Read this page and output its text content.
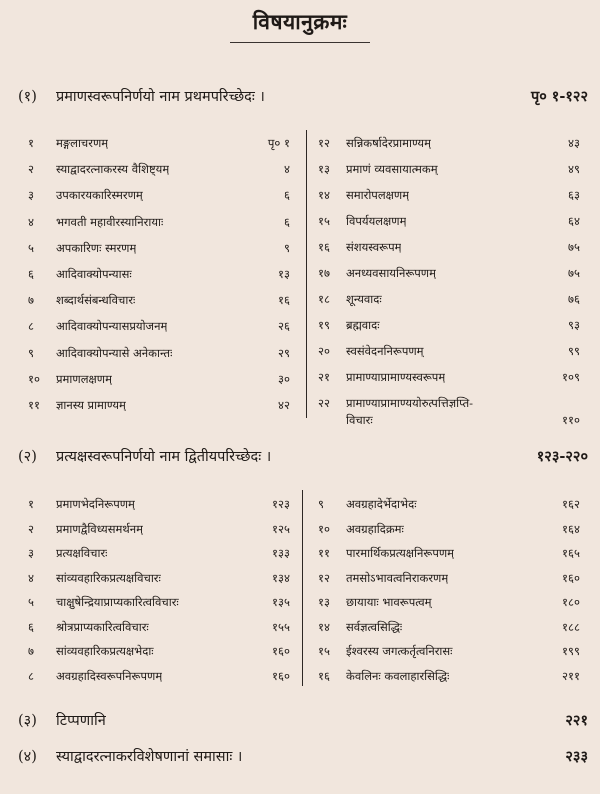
विषयानुक्रमः
(१) प्रमाणस्वरूपनिर्णयो नाम प्रथमपरिच्छेदः ।	पृ० १-१२२
१ मङ्गलाचरणम्	पृ० १
२ स्याद्वादरत्नाकरस्य वैशिष्ट्यम्	४
३ उपकारयकारिस्मरणम्	६
४ भगवती महावीरस्यानिरायाः	६
५ अपकारिणः स्मरणम्	९
६ आदिवाक्योपन्यासः	१३
७ शब्दार्थसंबन्धविचारः	१६
८ आदिवाक्योपन्यासप्रयोजनम्	२६
९ आदिवाक्योपन्यासे अनेकान्तः	२९
१० प्रमाणलक्षणम्	३०
११ ज्ञानस्य प्रामाण्यम्	४२
१२ सन्निकर्षादेरप्रामाण्यम्	४३
१३ प्रमाणं व्यवसायात्मकम्	४९
१४ समारोपलक्षणम्	६३
१५ विपर्ययलक्षणम्	६४
१६ संशयस्वरूपम्	७५
१७ अनध्यवसायनिरूपणम्	७५
१८ शून्यवादः	७६
१९ ब्रह्मवादः	९३
२० स्वसंवेदननिरूपणम्	९९
२१ प्रामाण्याप्रामाण्यस्वरूपम्	१०९
२२ प्रामाण्याप्रामाण्ययोरुत्पत्तिज्ञप्ति-
विचारः	११०
(२) प्रत्यक्षस्वरूपनिर्णयो नाम द्वितीयपरिच्छेदः ।	१२३-२२०
१ प्रमाणभेदनिरूपणम्	१२३
२ प्रमाणद्वैविध्यसमर्थनम्	१२५
३ प्रत्यक्षविचारः	१३३
४ सांव्यवहारिकप्रत्यक्षविचारः	१३४
५ चाक्षुषेन्द्रियाप्राप्यकारित्वविचारः	१३५
६ श्रोत्रप्राप्यकारित्वविचारः	१५५
७ सांव्यवहारिकप्रत्यक्षभेदाः	१६०
८ अवग्रहादिस्वरूपनिरूपणम्	१६०
९ अवग्रहादेर्भेदाभेदः	१६२
१० अवग्रहादिक्रमः	१६४
११ पारमार्थिकप्रत्यक्षनिरूपणम्	१६५
१२ तमसोऽभावत्वनिराकरणम्	१६०
१३ छायायाः भावरूपत्वम्	१८०
१४ सर्वज्ञत्वसिद्धिः	१८८
१५ ईश्वरस्य जगत्कर्तृत्वनिरासः	१९९
१६ केवलिनः कवलाहारसिद्धिः	२११
(३) टिप्पणानि	२२१
(४) स्याद्वादरत्नाकरविशेषणानां समासाः ।	२३३
